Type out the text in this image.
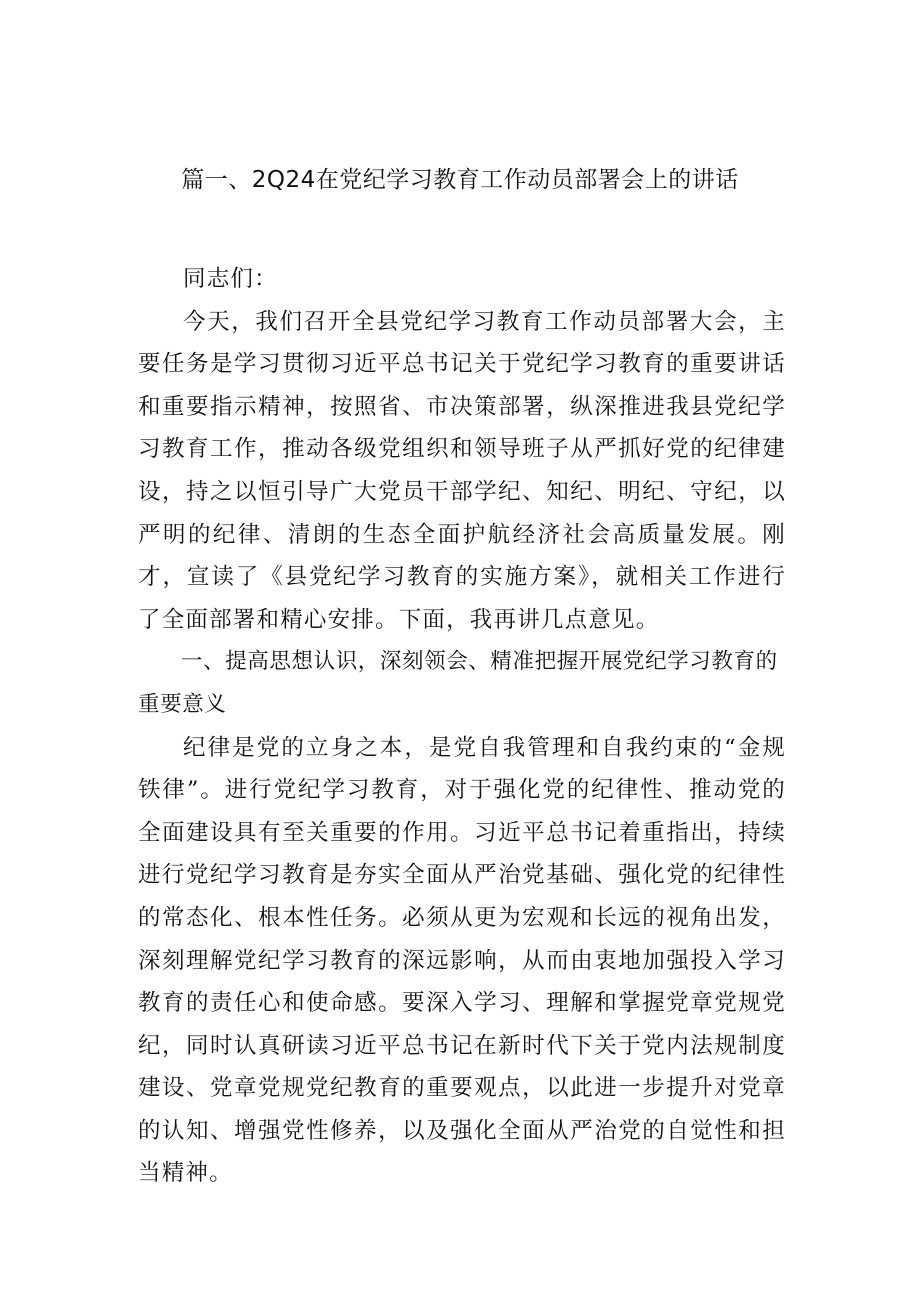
篇一、2Q24在党纪学习教育工作动员部署会上的讲话

同志们：

今天，我们召开全县党纪学习教育工作动员部署大会，主要任务是学习贯彻习近平总书记关于党纪学习教育的重要讲话和重要指示精神，按照省、市决策部署，纵深推进我县党纪学习教育工作，推动各级党组织和领导班子从严抓好党的纪律建设，持之以恒引导广大党员干部学纪、知纪、明纪、守纪，以严明的纪律、清朗的生态全面护航经济社会高质量发展。刚才，宣读了《县党纪学习教育的实施方案》，就相关工作进行了全面部署和精心安排。下面，我再讲几点意见。

一、提高思想认识，深刻领会、精准把握开展党纪学习教育的重要意义

纪律是党的立身之本，是党自我管理和自我约束的“金规铁律”。进行党纪学习教育，对于强化党的纪律性、推动党的全面建设具有至关重要的作用。习近平总书记着重指出，持续进行党纪学习教育是夯实全面从严治党基础、强化党的纪律性的常态化、根本性任务。必须从更为宏观和长远的视角出发，深刻理解党纪学习教育的深远影响，从而由衷地加强投入学习教育的责任心和使命感。要深入学习、理解和掌握党章党规党纪，同时认真研读习近平总书记在新时代下关于党内法规制度建设、党章党规党纪教育的重要观点，以此进一步提升对党章的认知、增强党性修养，以及强化全面从严治党的自觉性和担当精神。
